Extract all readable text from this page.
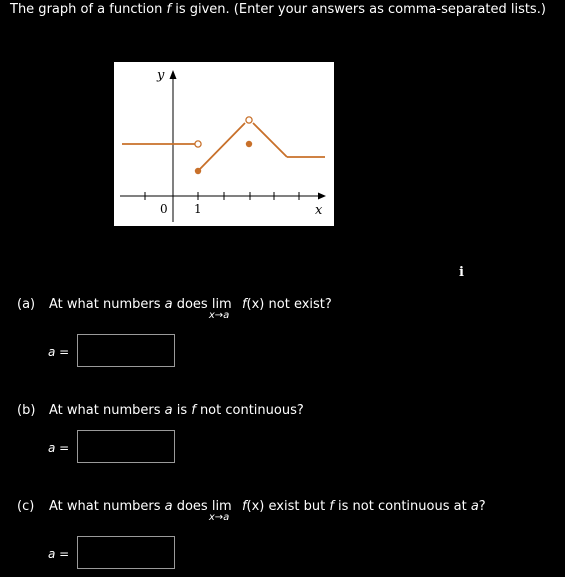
The graph of a function f is given. (Enter your answers as comma-separated lists.)
y
x
0 1
i
(a) At what numbers a does lim
x→a
f(x) not exist?
a =
(b) At what numbers a is f not continuous?
a =
(c) At what numbers a does lim
x→a
f(x) exist but f is not continuous at a?
a =
